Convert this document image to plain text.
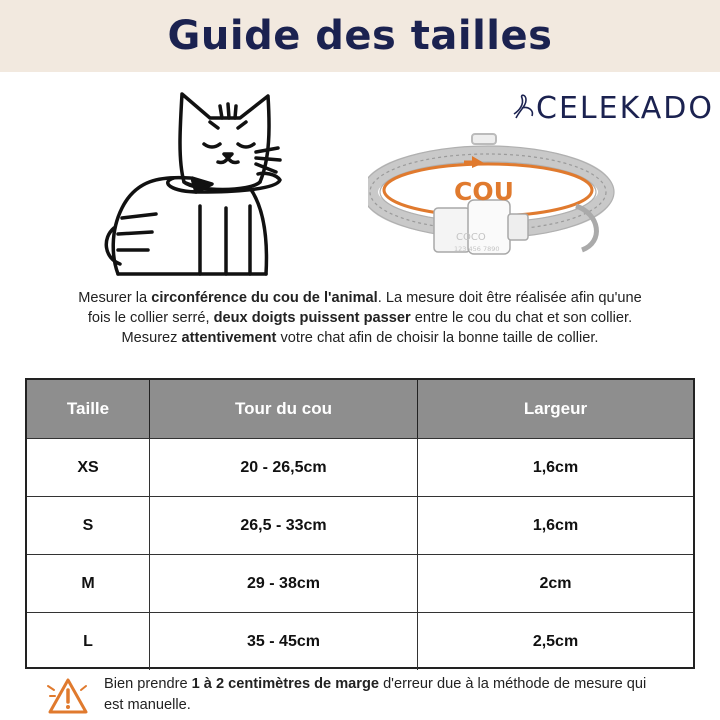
Guide des tailles
CELEKADO
COU
COCO
123 456 7890
Mesurer la circonférence du cou de l'animal. La mesure doit être réalisée afin qu'une fois le collier serré, deux doigts puissent passer entre le cou du chat et son collier. Mesurez attentivement votre chat afin de choisir la bonne taille de collier.
Taille	Tour du cou	Largeur
XS	20 - 26,5cm	1,6cm
S	26,5 - 33cm	1,6cm
M	29 - 38cm	2cm
L	35 - 45cm	2,5cm
Bien prendre 1 à 2 centimètres de marge d'erreur due à la méthode de mesure qui est manuelle.
